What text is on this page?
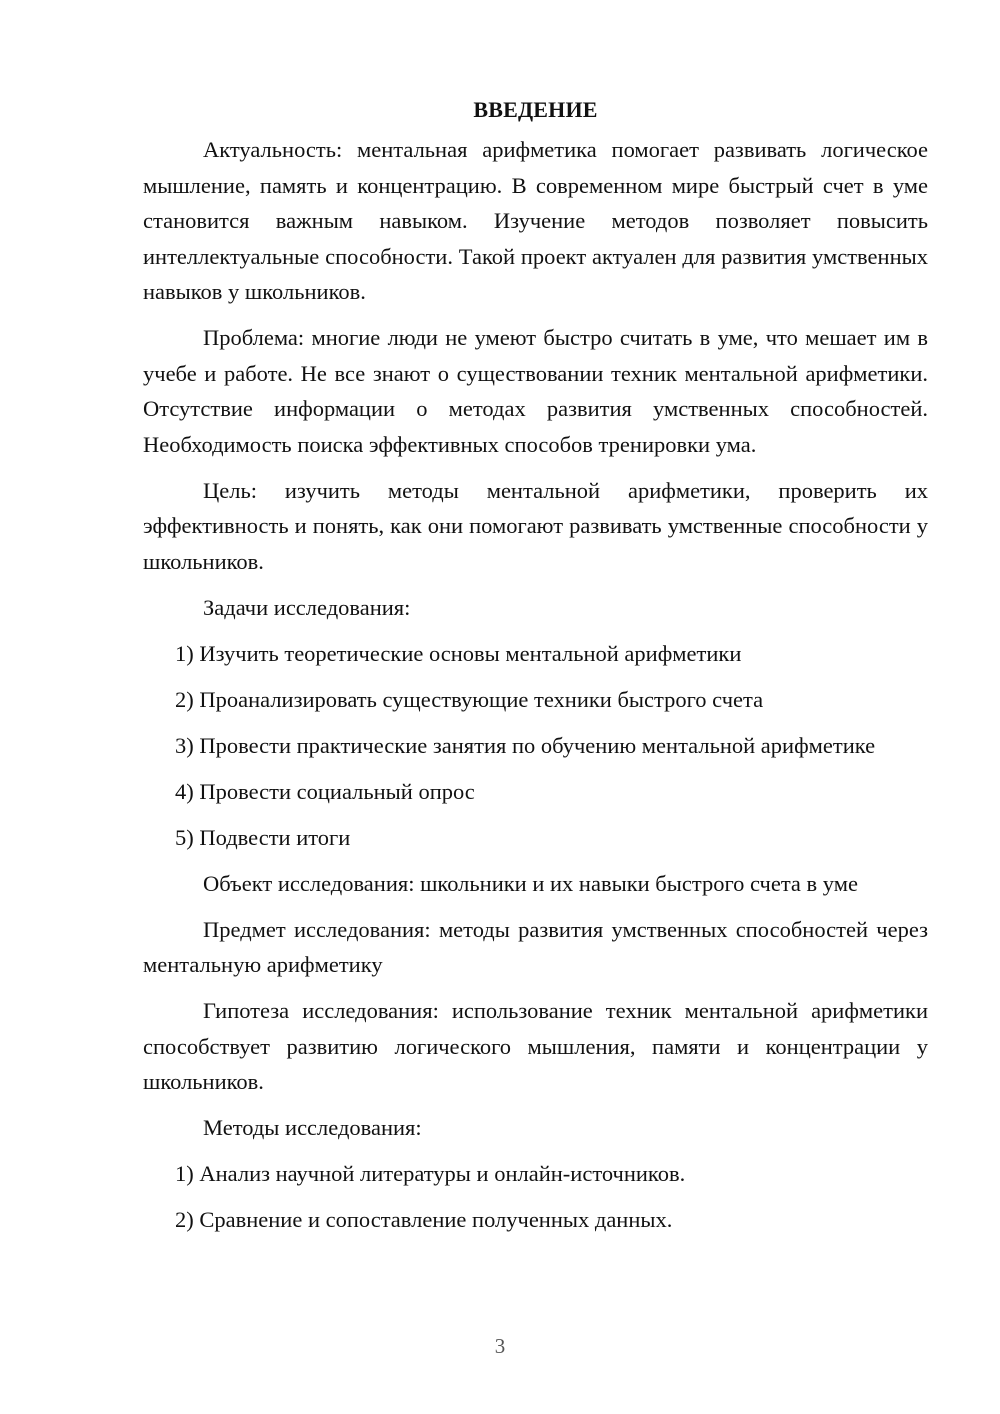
ВВЕДЕНИЕ

Актуальность: ментальная арифметика помогает развивать логическое мышление, память и концентрацию. В современном мире быстрый счет в уме становится важным навыком. Изучение методов позволяет повысить интеллектуальные способности. Такой проект актуален для развития умственных навыков у школьников.

Проблема: многие люди не умеют быстро считать в уме, что мешает им в учебе и работе. Не все знают о существовании техник ментальной арифметики. Отсутствие информации о методах развития умственных способностей. Необходимость поиска эффективных способов тренировки ума.

Цель: изучить методы ментальной арифметики, проверить их эффективность и понять, как они помогают развивать умственные способности у школьников.

Задачи исследования:

1) Изучить теоретические основы ментальной арифметики

2) Проанализировать существующие техники быстрого счета

3) Провести практические занятия по обучению ментальной арифметике

4) Провести социальный опрос

5) Подвести итоги

Объект исследования: школьники и их навыки быстрого счета в уме

Предмет исследования: методы развития умственных способностей через ментальную арифметику

Гипотеза исследования: использование техник ментальной арифметики способствует развитию логического мышления, памяти и концентрации у школьников.

Методы исследования:

1) Анализ научной литературы и онлайн-источников.

2) Сравнение и сопоставление полученных данных.

3
